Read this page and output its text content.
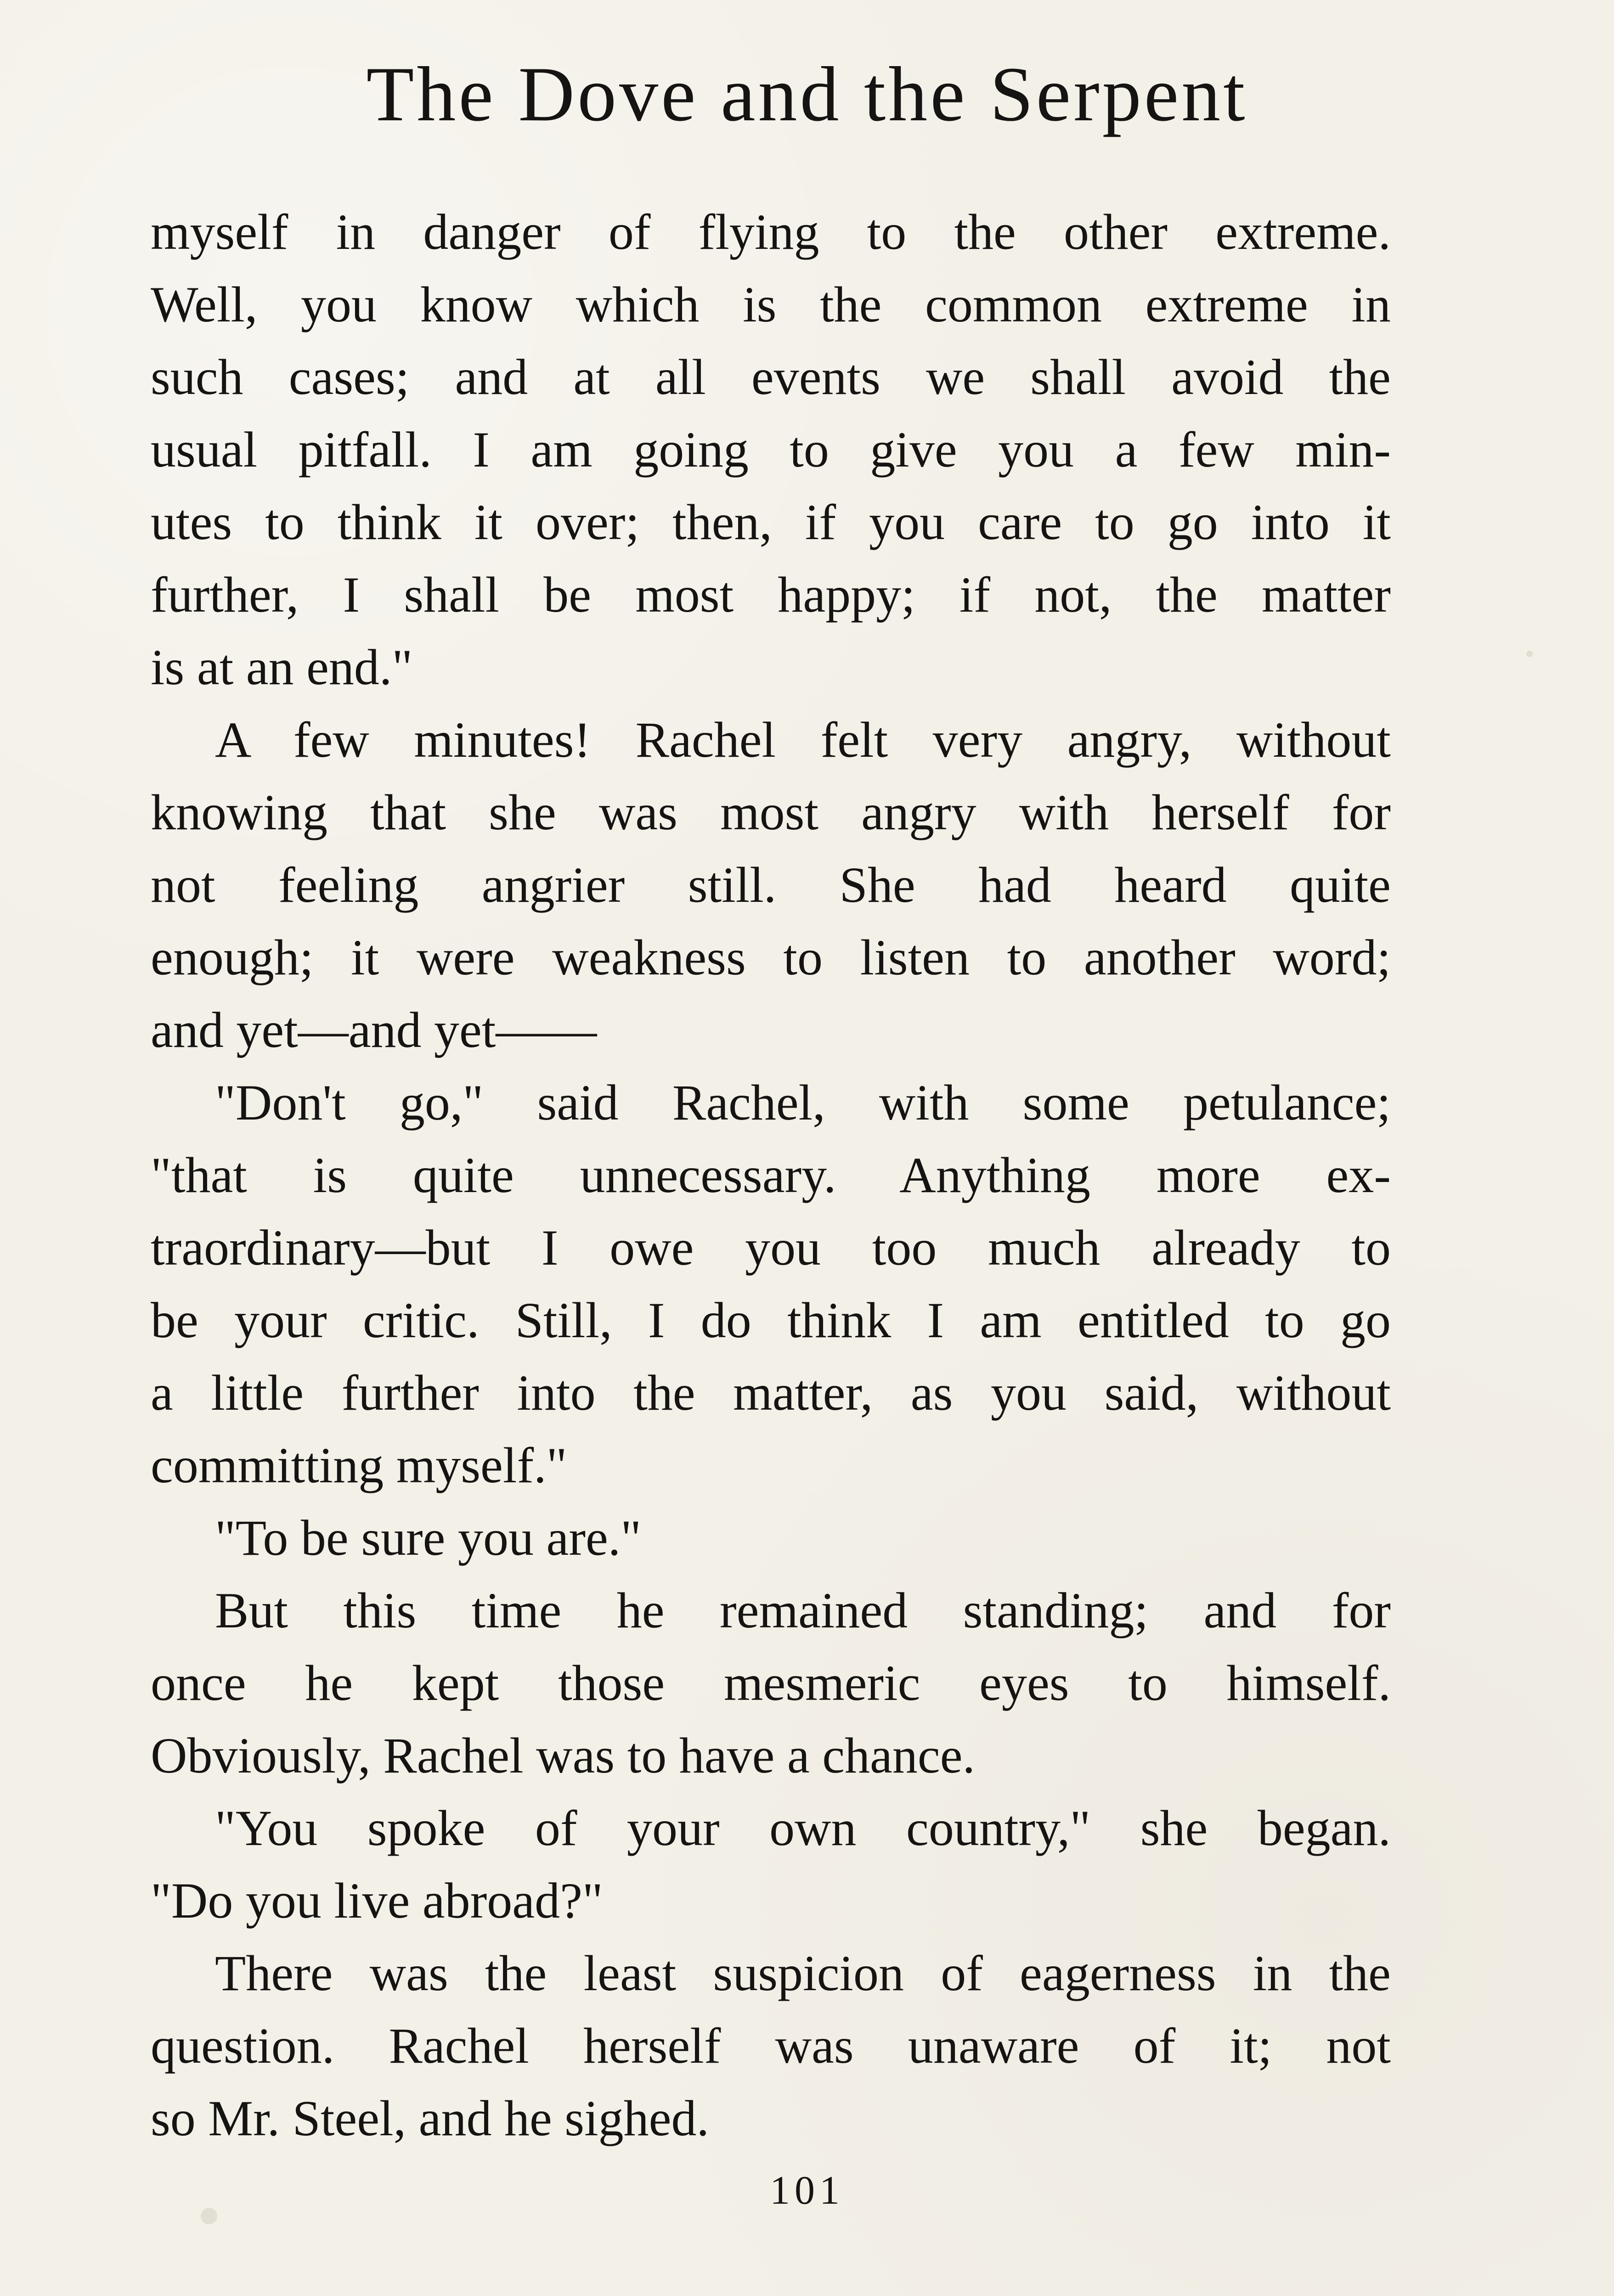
The Dove and the Serpent
myself in danger of flying to the other extreme.
Well, you know which is the common extreme in
such cases; and at all events we shall avoid the
usual pitfall. I am going to give you a few min-
utes to think it over; then, if you care to go into it
further, I shall be most happy; if not, the matter
is at an end."
A few minutes! Rachel felt very angry, without
knowing that she was most angry with herself for
not feeling angrier still. She had heard quite
enough; it were weakness to listen to another word;
and yet—and yet——
"Don't go," said Rachel, with some petulance;
"that is quite unnecessary. Anything more ex-
traordinary—but I owe you too much already to
be your critic. Still, I do think I am entitled to go
a little further into the matter, as you said, without
committing myself."
"To be sure you are."
But this time he remained standing; and for
once he kept those mesmeric eyes to himself.
Obviously, Rachel was to have a chance.
"You spoke of your own country," she began.
"Do you live abroad?"
There was the least suspicion of eagerness in the
question. Rachel herself was unaware of it; not
so Mr. Steel, and he sighed.
101
